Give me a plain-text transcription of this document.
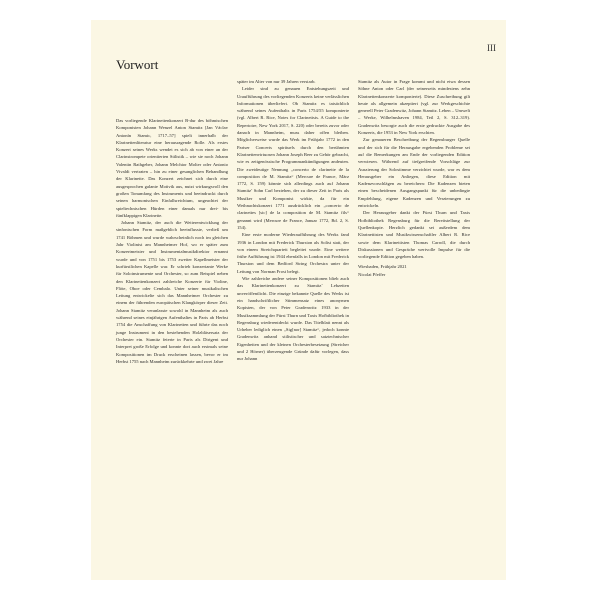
III
Vorwort

Das vorliegende Klarinettenkonzert B-dur des böhmischen Komponisten Johann Wenzel Anton Stamitz [Jan Václav Antonín Stamic, 1717–57] spielt innerhalb der Klarinettenliteratur eine herausragende Rolle. Als erstes Konzert seines Werks wendet es sich ab von einer an der Clarinstrompete orientierten Stilistik – wie sie noch Johann Valentin Rathgeber, Johann Melchior Molter oder Antonio Vivaldi vertraten – hin zu einer gesanglichen Behandlung der Klarinette. Das Konzert zeichnet sich durch eine ausgesprochen galante Motivik aus, nutzt wirkungsvoll den großen Tonumfang des Instruments und beeindruckt durch seinen harmonischen Einfallsreichtum, ungeachtet der spieltechnischen Hürden einer damals nur drei- bis fünfklappigen Klarinette.

Johann Stamitz, der auch die Weiterentwicklung der sinfonischen Form maßgeblich beeinflusste, verließ um 1741 Böhmen und wurde wahrscheinlich noch im gleichen Jahr Violinist am Mannheimer Hof, wo er später zum Konzertmeister und Instrumentalmusikdirektor ernannt wurde und von 1751 bis 1753 zweiter Kapellmeister der kurfürstlichen Kapelle war. Er schrieb konzertante Werke für Soloinstrumente und Orchester, so zum Beispiel neben den Klarinettenkonzert zahlreiche Konzerte für Violine, Flöte, Oboe oder Cembalo. Unter seiner musikalischen Leitung entwickelte sich das Mannheimer Orchester zu einem der führenden europäischen Klangkörper dieser Zeit. Johann Stamitz veranlasste sowohl in Mannheim als auch während seines einjährigen Aufenthaltes in Paris ab Herbst 1754 die Anschaffung von Klarinetten und führte das noch junge Instrument in den bestehenden Holzbläsersatz der Orchester ein. Stamitz feierte in Paris als Dirigent und Interpret große Erfolge und konnte dort auch erstmals seine Kompositionen im Druck erscheinen lassen, bevor er im Herbst 1755 nach Mannheim zurückkehrte und zwei Jahre

später im Alter von nur 39 Jahren verstarb.

Leider sind zu genauen Entstehungszeit und Uraufführung des vorliegenden Konzerts keine verlässlichen Informationen überliefert. Ob Stamitz es tatsächlich während seines Aufenthalts in Paris 1754/55 komponierte (vgl. Albert R. Rice, Notes for Clarinetists. A Guide to the Repertoire, New York 2017, S. 220) oder bereits zuvor oder danach in Mannheim, muss daher offen bleiben. Möglicherweise wurde das Werk im Frühjahr 1772 in den Pariser Concerts spirituels durch den berühmten Klarinettenvirtuosen Johann Joseph Beer zu Gehör gebracht, wie es zeitgenössische Programmankündigungen andeuten. Die zweideutige Nennung „concerto de clarinette de la composition de M. Stamitz“ (Mercure de France, März 1772, S. 159) könnte sich allerdings auch auf Johann Stamitz’ Sohn Carl beziehen, der zu dieser Zeit in Paris als Musiker und Komponist wirkte, da für ein Weihnachtskonzert 1771 ausdrücklich ein „concerto de clarinettes [sic] de la composition de M. Stamitz fils“ genannt wird (Mercure de France, Januar 1772, Bd. 2, S. 154).

Eine erste moderne Wiederaufführung des Werks fand 1936 in London mit Frederick Thurston als Solist statt, der von einem Streichquartett begleitet wurde. Eine weitere frühe Aufführung ist 1944 ebenfalls in London mit Frederick Thurston und dem Bedford String Orchestra unter der Leitung von Norman Frost belegt.

Wie zahlreiche andere seiner Kompositionen blieb auch das Klarinettenkonzert zu Stamitz’ Lebzeiten unveröffentlicht. Die einzige bekannte Quelle des Werks ist ein handschriftlicher Stimmensatz eines anonymen Kopisten, der von Peter Gradenwitz 1933 in der Musiksammlung der Fürst Thurn und Taxis Hofbibliothek in Regensburg wiederentdeckt wurde. Das Titelblatt nennt als Urheber lediglich einen „Sig[nor] Stamitz“, jedoch konnte Gradenwitz anhand stilistischer und satztechnischer Eigenheiten und der kleinen Orchesterbesetzung (Streicher und 2 Hörner) überzeugende Gründe dafür vorlegen, dass nur Johann

Stamitz als Autor in Frage kommt und nicht etwa dessen Söhne Anton oder Carl (der seinerseits mindestens zehn Klarinettenkonzerte komponierte). Diese Zuschreibung gilt heute als allgemein akzeptiert (vgl. zur Werkgeschichte generell Peter Gradenwitz, Johann Stamitz. Leben – Umwelt – Werke, Wilhelmshaven 1984, Teil 2, S. 312–319). Gradenwitz besorgte auch die erste gedruckte Ausgabe des Konzerts, die 1953 in New York erschien.

Zur genaueren Beschreibung der Regensburger Quelle und der sich für die Herausgabe ergebenden Probleme sei auf die Bemerkungen am Ende der vorliegenden Edition verwiesen. Während auf tiefgreifende Vorschläge zur Auszierung der Solostimme verzichtet wurde, war es dem Herausgeber ein Anliegen, diese Edition mit Kadenzvorschlägen zu bereichern: Die Kadenzen bieten einen bescheidenen Ausgangspunkt für die unbedingte Empfehlung, eigene Kadenzen und Verzierungen zu entwickeln.

Der Herausgeber dankt der Fürst Thurn und Taxis Hofbibliothek Regensburg für die Bereitstellung der Quellenkopie. Herzlich gedankt sei außerdem dem Klarinettisten und Musikwissenschaftler Albert R. Rice sowie dem Klarinettisten Thomas Carroll, die durch Diskussionen und Gespräche wertvolle Impulse für die vorliegende Edition gegeben haben.

Wiesbaden, Frühjahr 2021
Nicolai Pfeffer
